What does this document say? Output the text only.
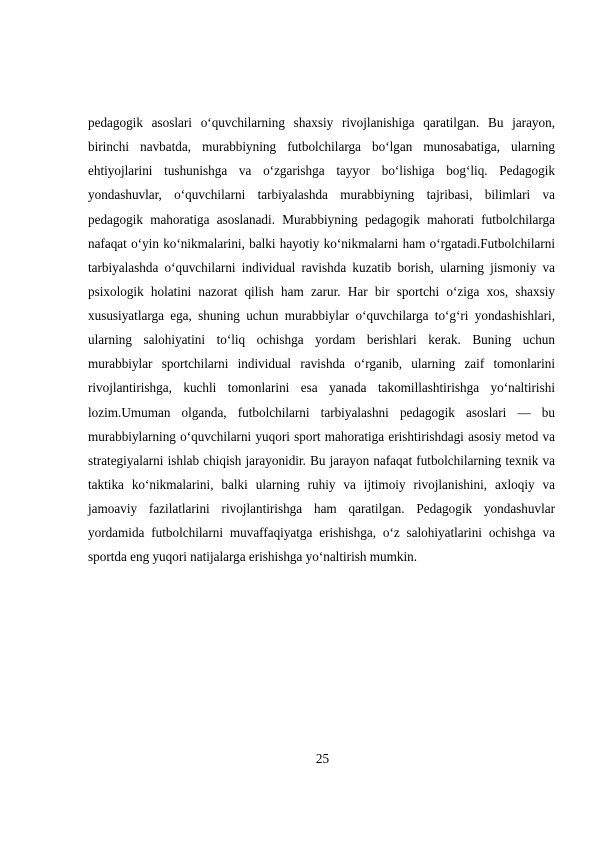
pedagogik asoslari o‘quvchilarning shaxsiy rivojlanishiga qaratilgan. Bu jarayon, birinchi navbatda, murabbiyning futbolchilarga bo‘lgan munosabatiga, ularning ehtiyojlarini tushunishga va o‘zgarishga tayyor bo‘lishiga bog‘liq. Pedagogik yondashuvlar, o‘quvchilarni tarbiyalashda murabbiyning tajribasi, bilimlari va pedagogik mahoratiga asoslanadi. Murabbiyning pedagogik mahorati futbolchilarga nafaqat o‘yin ko‘nikmalarini, balki hayotiy ko‘nikmalarni ham o‘rgatadi.Futbolchilarni tarbiyalashda o‘quvchilarni individual ravishda kuzatib borish, ularning jismoniy va psixologik holatini nazorat qilish ham zarur. Har bir sportchi o‘ziga xos, shaxsiy xususiyatlarga ega, shuning uchun murabbiylar o‘quvchilarga to‘g‘ri yondashishlari, ularning salohiyatini to‘liq ochishga yordam berishlari kerak. Buning uchun murabbiylar sportchilarni individual ravishda o‘rganib, ularning zaif tomonlarini rivojlantirishga, kuchli tomonlarini esa yanada takomillashtirishga yo‘naltirishi lozim.Umuman olganda, futbolchilarni tarbiyalashni pedagogik asoslari — bu murabbiylarning o‘quvchilarni yuqori sport mahoratiga erishtirishdagi asosiy metod va strategiyalarni ishlab chiqish jarayonidir. Bu jarayon nafaqat futbolchilarning texnik va taktika ko‘nikmalarini, balki ularning ruhiy va ijtimoiy rivojlanishini, axloqiy va jamoaviy fazilatlarini rivojlantirishga ham qaratilgan. Pedagogik yondashuvlar yordamida futbolchilarni muvaffaqiyatga erishishga, o‘z salohiyatlarini ochishga va sportda eng yuqori natijalarga erishishga yo‘naltirish mumkin.

25
